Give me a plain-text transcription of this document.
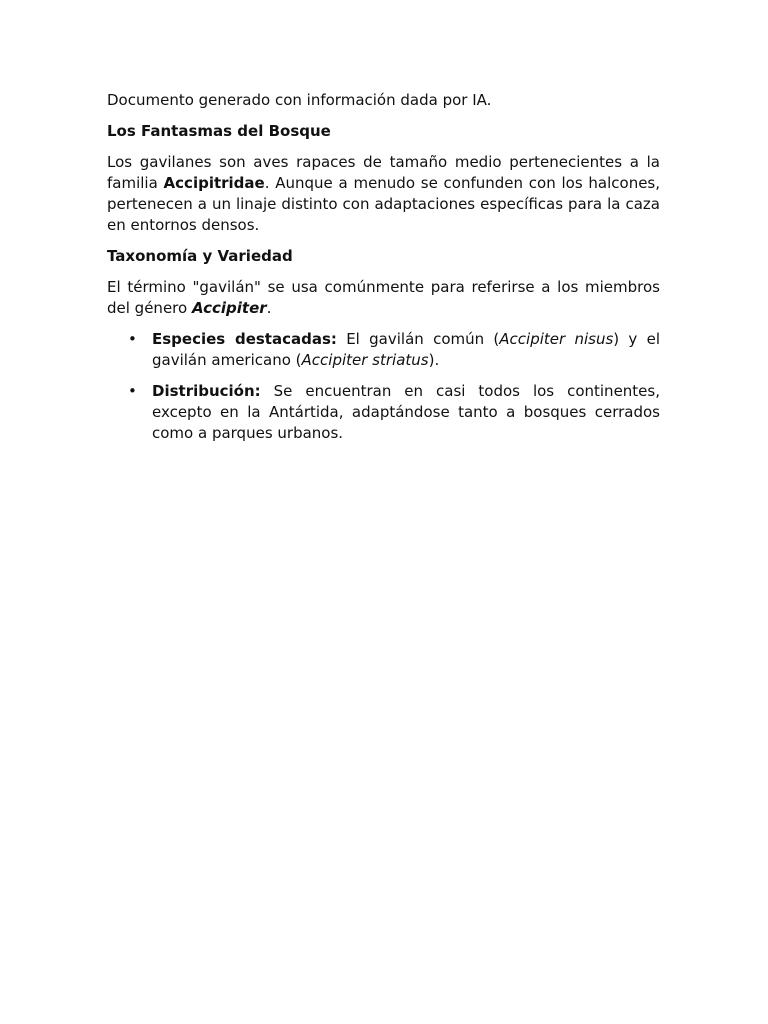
Documento generado con información dada por IA.

Los Fantasmas del Bosque

Los gavilanes son aves rapaces de tamaño medio pertenecientes a la familia Accipitridae. Aunque a menudo se confunden con los halcones, pertenecen a un linaje distinto con adaptaciones específicas para la caza en entornos densos.

Taxonomía y Variedad

El término "gavilán" se usa comúnmente para referirse a los miembros del género Accipiter.

• Especies destacadas: El gavilán común (Accipiter nisus) y el gavilán americano (Accipiter striatus).
• Distribución: Se encuentran en casi todos los continentes, excepto en la Antártida, adaptándose tanto a bosques cerrados como a parques urbanos.
